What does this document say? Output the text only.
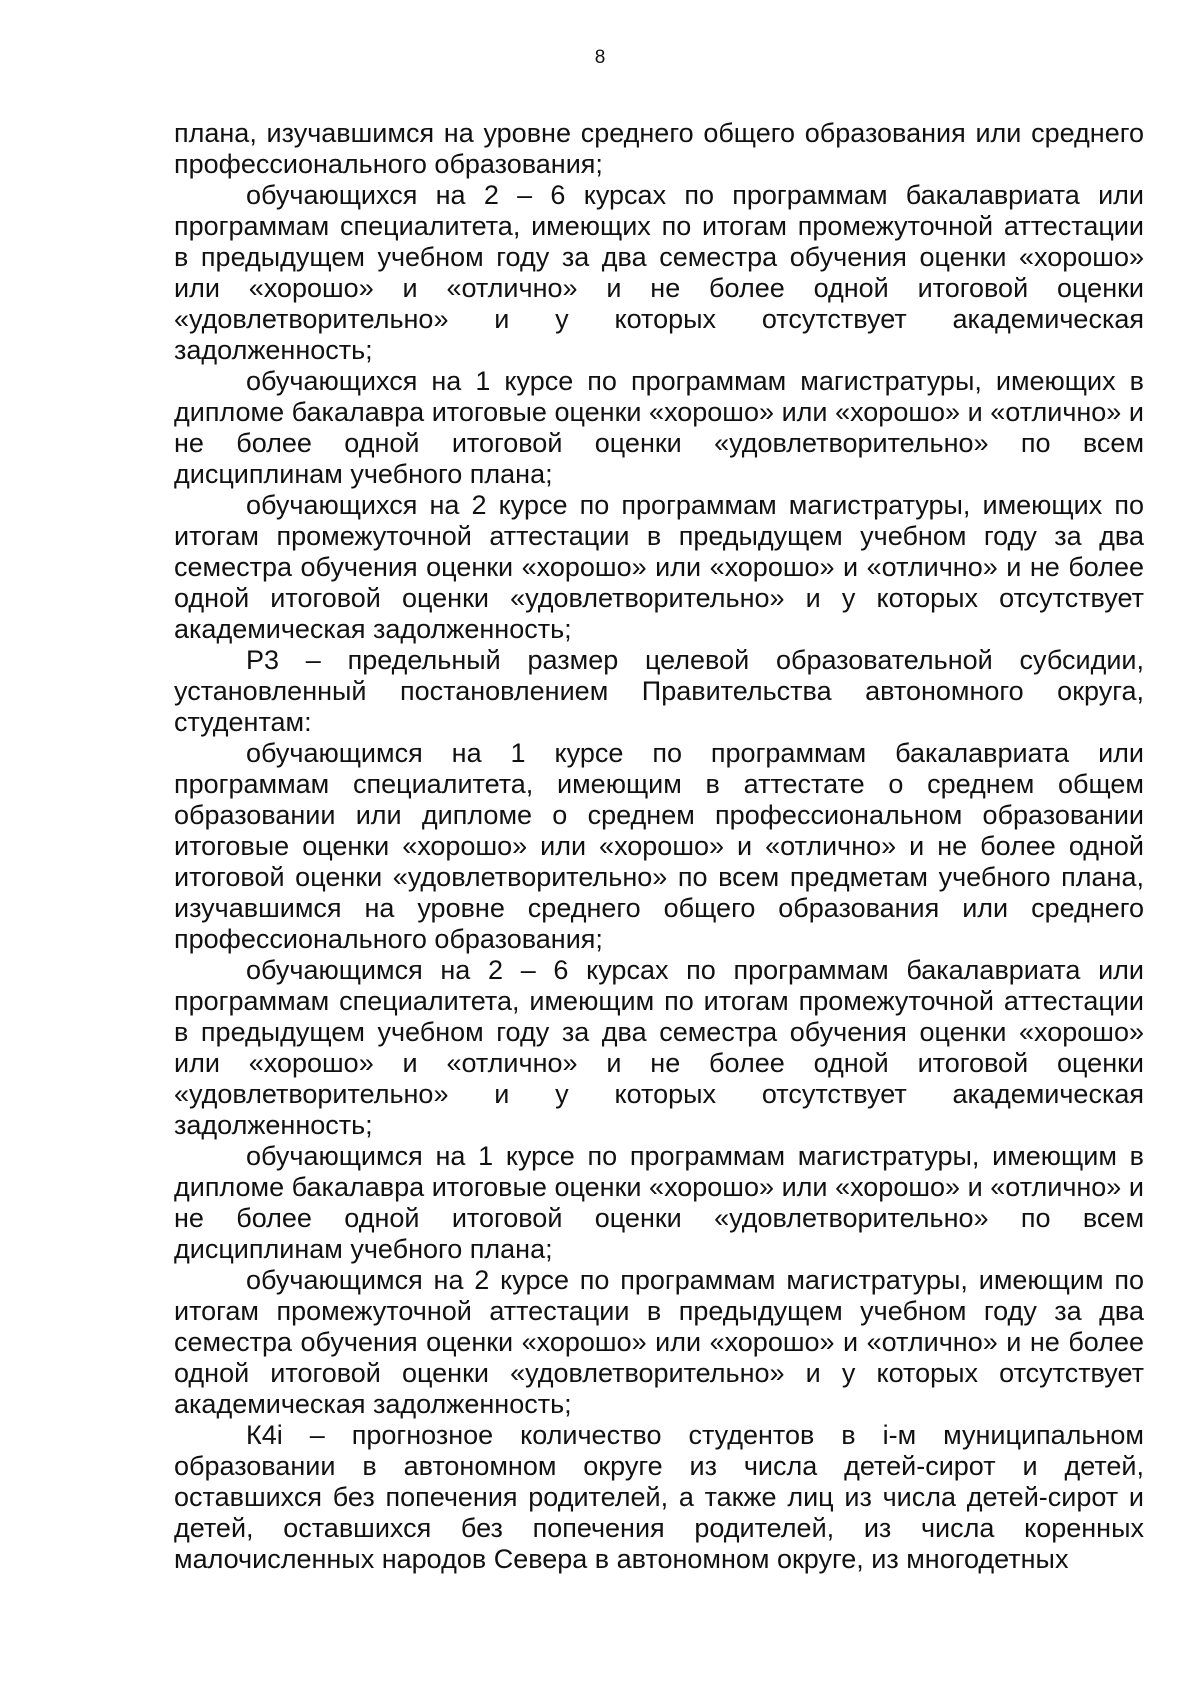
8

плана, изучавшимся на уровне среднего общего образования или среднего профессионального образования;

обучающихся на 2 – 6 курсах по программам бакалавриата или программам специалитета, имеющих по итогам промежуточной аттестации в предыдущем учебном году за два семестра обучения оценки «хорошо» или «хорошо» и «отлично» и не более одной итоговой оценки «удовлетворительно» и у которых отсутствует академическая задолженность;

обучающихся на 1 курсе по программам магистратуры, имеющих в дипломе бакалавра итоговые оценки «хорошо» или «хорошо» и «отлично» и не более одной итоговой оценки «удовлетворительно» по всем дисциплинам учебного плана;

обучающихся на 2 курсе по программам магистратуры, имеющих по итогам промежуточной аттестации в предыдущем учебном году за два семестра обучения оценки «хорошо» или «хорошо» и «отлично» и не более одной итоговой оценки «удовлетворительно» и у которых отсутствует академическая задолженность;

Р3 – предельный размер целевой образовательной субсидии, установленный постановлением Правительства автономного округа, студентам:

обучающимся на 1 курсе по программам бакалавриата или программам специалитета, имеющим в аттестате о среднем общем образовании или дипломе о среднем профессиональном образовании итоговые оценки «хорошо» или «хорошо» и «отлично» и не более одной итоговой оценки «удовлетворительно» по всем предметам учебного плана, изучавшимся на уровне среднего общего образования или среднего профессионального образования;

обучающимся на 2 – 6 курсах по программам бакалавриата или программам специалитета, имеющим по итогам промежуточной аттестации в предыдущем учебном году за два семестра обучения оценки «хорошо» или «хорошо» и «отлично» и не более одной итоговой оценки «удовлетворительно» и у которых отсутствует академическая задолженность;

обучающимся на 1 курсе по программам магистратуры, имеющим в дипломе бакалавра итоговые оценки «хорошо» или «хорошо» и «отлично» и не более одной итоговой оценки «удовлетворительно» по всем дисциплинам учебного плана;

обучающимся на 2 курсе по программам магистратуры, имеющим по итогам промежуточной аттестации в предыдущем учебном году за два семестра обучения оценки «хорошо» или «хорошо» и «отлично» и не более одной итоговой оценки «удовлетворительно» и у которых отсутствует академическая задолженность;

К4i – прогнозное количество студентов в i-м муниципальном образовании в автономном округе из числа детей-сирот и детей, оставшихся без попечения родителей, а также лиц из числа детей-сирот и детей, оставшихся без попечения родителей, из числа коренных малочисленных народов Севера в автономном округе, из многодетных
